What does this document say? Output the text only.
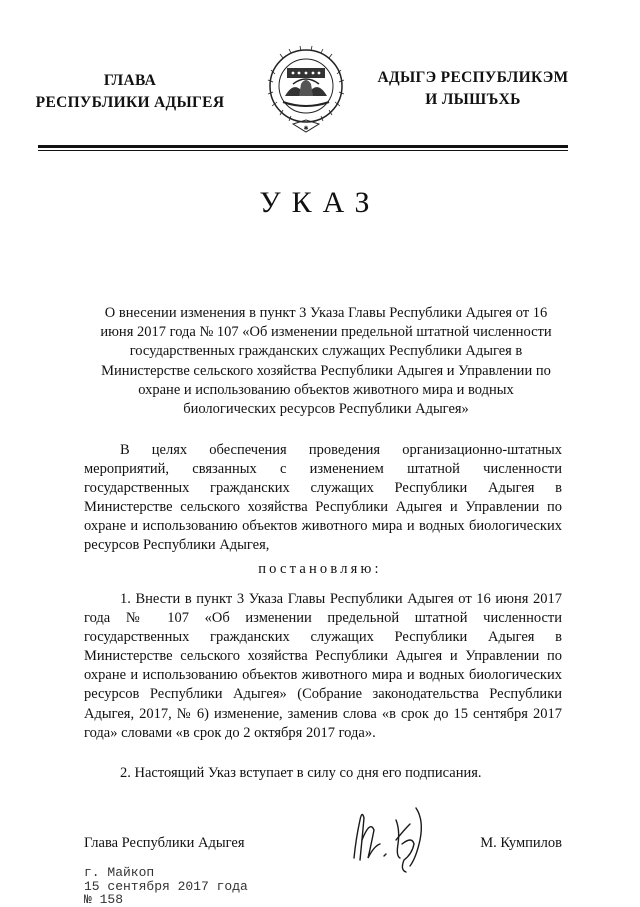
ГЛАВА
РЕСПУБЛИКИ АДЫГЕЯ
✱
АДЫГЭ РЕСПУБЛИКЭМ
И ЛЫШЪХЬ
УКАЗ
О внесении изменения в пункт 3 Указа Главы Республики Адыгея от 16 июня 2017 года № 107 «Об изменении предельной штатной численности государственных гражданских служащих Республики Адыгея в Министерстве сельского хозяйства Республики Адыгея и Управлении по охране и использованию объектов животного мира и водных биологических ресурсов Республики Адыгея»
В целях обеспечения проведения организационно-штатных мероприятий, связанных с изменением штатной численности государственных гражданских служащих Республики Адыгея в Министерстве сельского хозяйства Республики Адыгея и Управлении по охране и использованию объектов животного мира и водных биологических ресурсов Республики Адыгея,
постановляю:
1. Внести в пункт 3 Указа Главы Республики Адыгея от 16 июня 2017 года № 107 «Об изменении предельной штатной численности государственных гражданских служащих Республики Адыгея в Министерстве сельского хозяйства Республики Адыгея и Управлении по охране и использованию объектов животного мира и водных биологических ресурсов Республики Адыгея» (Собрание законодательства Республики Адыгея, 2017, № 6) изменение, заменив слова «в срок до 15 сентября 2017 года» словами «в срок до 2 октября 2017 года».
2. Настоящий Указ вступает в силу со дня его подписания.
Глава Республики Адыгея	М. Кумпилов
г. Майкоп
15 сентября 2017 года
№ 158
